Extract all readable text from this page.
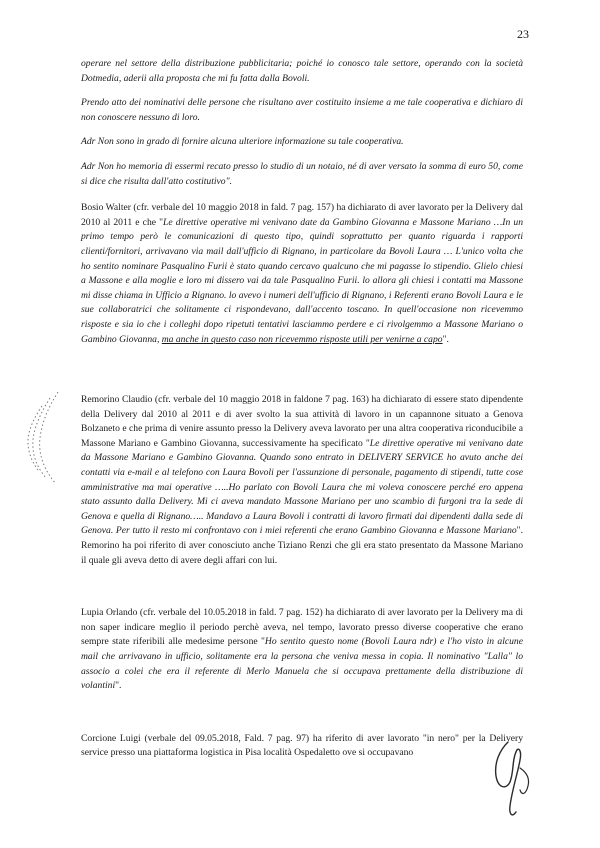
23

operare nel settore della distribuzione pubblicitaria; poiché io conosco tale settore, operando con la società Dotmedia, aderii alla proposta che mi fu fatta dalla Bovoli.

Prendo atto dei nominativi delle persone che risultano aver costituito insieme a me tale cooperativa e dichiaro di non conoscere nessuno di loro.

Adr Non sono in grado di fornire alcuna ulteriore informazione su tale cooperativa.

Adr Non ho memoria di essermi recato presso lo studio di un notaio, né di aver versato la somma di euro 50, come si dice che risulta dall'atto costitutivo".

Bosio Walter (cfr. verbale del 10 maggio 2018 in fald. 7 pag. 157) ha dichiarato di aver lavorato per la Delivery dal 2010 al 2011 e che "Le direttive operative mi venivano date da Gambino Giovanna e Massone Mariano …In un primo tempo però le comunicazioni di questo tipo, quindi soprattutto per quanto riguarda i rapporti clienti/fornitori, arrivavano via mail dall'ufficio di Rignano, in particolare da Bovoli Laura … L'unico volta che ho sentito nominare Pasqualino Furii è stato quando cercavo qualcuno che mi pagasse lo stipendio. Glielo chiesi a Massone e alla moglie e loro mi dissero vai da tale Pasqualino Furii. lo allora gli chiesi i contatti ma Massone mi disse chiama in Ufficio a Rignano. lo avevo i numeri dell'ufficio di Rignano, i Referenti erano Bovoli Laura e le sue collaboratrici che solitamente ci rispondevano, dall'accento toscano. In quell'occasione non ricevemmo risposte e sia io che i colleghi dopo ripetuti tentativi lasciammo perdere e ci rivolgemmo a Massone Mariano o Gambino Giovanna, ma anche in questo caso non ricevemmo risposte utili per venirne a capo".

Remorino Claudio (cfr. verbale del 10 maggio 2018 in faldone 7 pag. 163) ha dichiarato di essere stato dipendente della Delivery dal 2010 al 2011 e di aver svolto la sua attività di lavoro in un capannone situato a Genova Bolzaneto e che prima di venire assunto presso la Delivery aveva lavorato per una altra cooperativa riconducibile a Massone Mariano e Gambino Giovanna, successivamente ha specificato "Le direttive operative mi venivano date da Massone Mariano e Gambino Giovanna. Quando sono entrato in DELIVERY SERVICE ho avuto anche dei contatti via e-mail e al telefono con Laura Bovoli per l'assunzione di personale, pagamento di stipendi, tutte cose amministrative ma mai operative …..Ho parlato con Bovoli Laura che mi voleva conoscere perché ero appena stato assunto dalla Delivery. Mi ci aveva mandato Massone Mariano per uno scambio di furgoni tra la sede di Genova e quella di Rignano….. Mandavo a Laura Bovoli i contratti di lavoro firmati dai dipendenti dalla sede di Genova. Per tutto il resto mi confrontavo con i miei referenti che erano Gambino Giovanna e Massone Mariano". Remorino ha poi riferito di aver conosciuto anche Tiziano Renzi che gli era stato presentato da Massone Mariano il quale gli aveva detto di avere degli affari con lui.

Lupia Orlando (cfr. verbale del 10.05.2018 in fald. 7 pag. 152) ha dichiarato di aver lavorato per la Delivery ma di non saper indicare meglio il periodo perchè aveva, nel tempo, lavorato presso diverse cooperative che erano sempre state riferibili alle medesime persone "Ho sentito questo nome (Bovoli Laura ndr) e l'ho visto in alcune mail che arrivavano in ufficio, solitamente era la persona che veniva messa in copia. Il nominativo "Lalla" lo associo a colei che era il referente di Merlo Manuela che si occupava prettamente della distribuzione di volantini".

Corcione Luigi (verbale del 09.05.2018, Fald. 7 pag. 97) ha riferito di aver lavorato "in nero" per la Delivery service presso una piattaforma logistica in Pisa località Ospedaletto ove si occupavano
